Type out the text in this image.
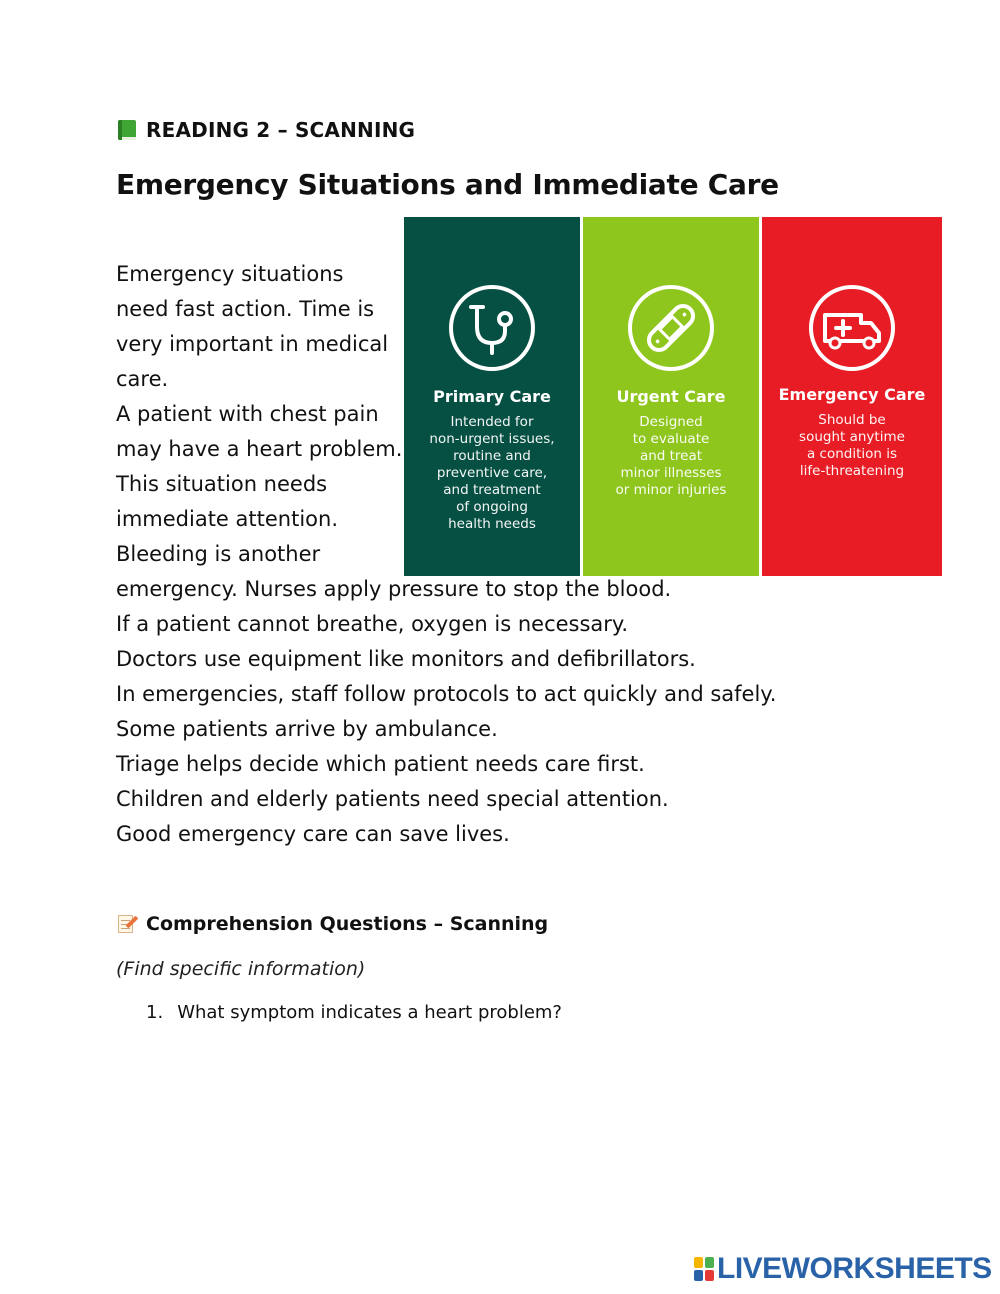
READING 2 – SCANNING
Emergency Situations and Immediate Care
Emergency situations
need fast action. Time is
very important in medical
care.
A patient with chest pain
may have a heart problem.
This situation needs
immediate attention.
Bleeding is another
emergency. Nurses apply pressure to stop the blood.
If a patient cannot breathe, oxygen is necessary.
Doctors use equipment like monitors and defibrillators.
In emergencies, staff follow protocols to act quickly and safely.
Some patients arrive by ambulance.
Triage helps decide which patient needs care first.
Children and elderly patients need special attention.
Good emergency care can save lives.
Primary Care
Intended for
non-urgent issues,
routine and
preventive care,
and treatment
of ongoing
health needs
Urgent Care
Designed
to evaluate
and treat
minor illnesses
or minor injuries
Emergency Care
Should be
sought anytime
a condition is
life-threatening
Comprehension Questions – Scanning
(Find specific information)
1. What symptom indicates a heart problem?
LIVEWORKSHEETS
